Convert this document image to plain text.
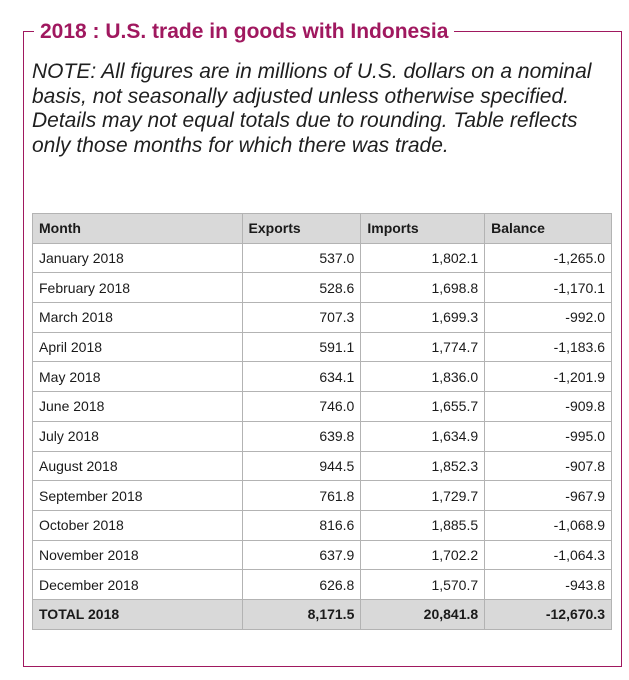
2018 : U.S. trade in goods with Indonesia

NOTE: All figures are in millions of U.S. dollars on a nominal basis, not seasonally adjusted unless otherwise specified. Details may not equal totals due to rounding. Table reflects only those months for which there was trade.

Month	Exports	Imports	Balance
January 2018	537.0	1,802.1	-1,265.0
February 2018	528.6	1,698.8	-1,170.1
March 2018	707.3	1,699.3	-992.0
April 2018	591.1	1,774.7	-1,183.6
May 2018	634.1	1,836.0	-1,201.9
June 2018	746.0	1,655.7	-909.8
July 2018	639.8	1,634.9	-995.0
August 2018	944.5	1,852.3	-907.8
September 2018	761.8	1,729.7	-967.9
October 2018	816.6	1,885.5	-1,068.9
November 2018	637.9	1,702.2	-1,064.3
December 2018	626.8	1,570.7	-943.8
TOTAL 2018	8,171.5	20,841.8	-12,670.3
